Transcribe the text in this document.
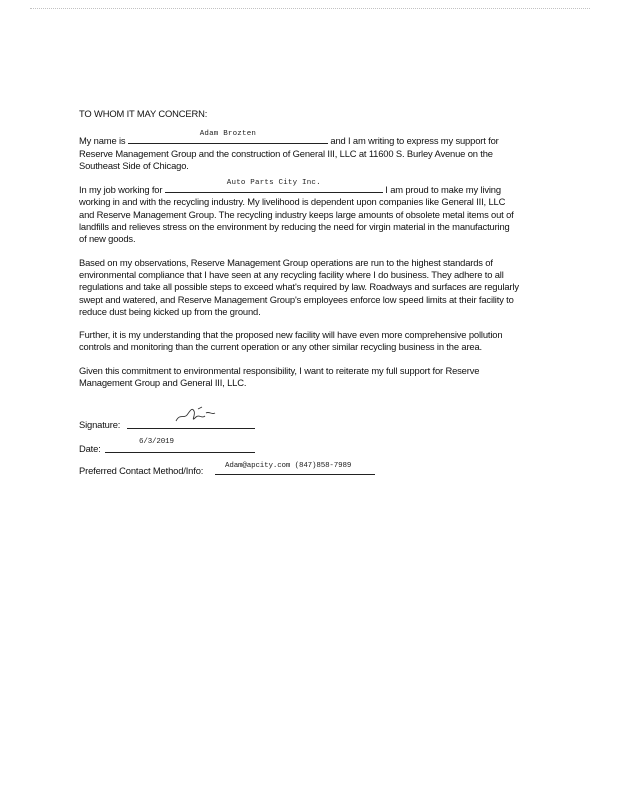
TO WHOM IT MAY CONCERN:

My name is
Adam Brozten
and I am writing to express my support for Reserve Management Group and the construction of General III, LLC at 11600 S. Burley Avenue on the Southeast Side of Chicago.

In my job working for
Auto Parts City Inc.
I am proud to make my living working in and with the recycling industry. My livelihood is dependent upon companies like General III, LLC and Reserve Management Group. The recycling industry keeps large amounts of obsolete metal items out of landfills and relieves stress on the environment by reducing the need for virgin material in the manufacturing of new goods.

Based on my observations, Reserve Management Group operations are run to the highest standards of environmental compliance that I have seen at any recycling facility where I do business. They adhere to all regulations and take all possible steps to exceed what's required by law. Roadways and surfaces are regularly swept and watered, and Reserve Management Group's employees enforce low speed limits at their facility to reduce dust being kicked up from the ground.

Further, it is my understanding that the proposed new facility will have even more comprehensive pollution controls and monitoring than the current operation or any other similar recycling business in the area.

Given this commitment to environmental responsibility, I want to reiterate my full support for Reserve Management Group and General III, LLC.

Signature:
Date:
6/3/2019
Preferred Contact Method/Info:	Adam@apcity.com (847)858-7989
